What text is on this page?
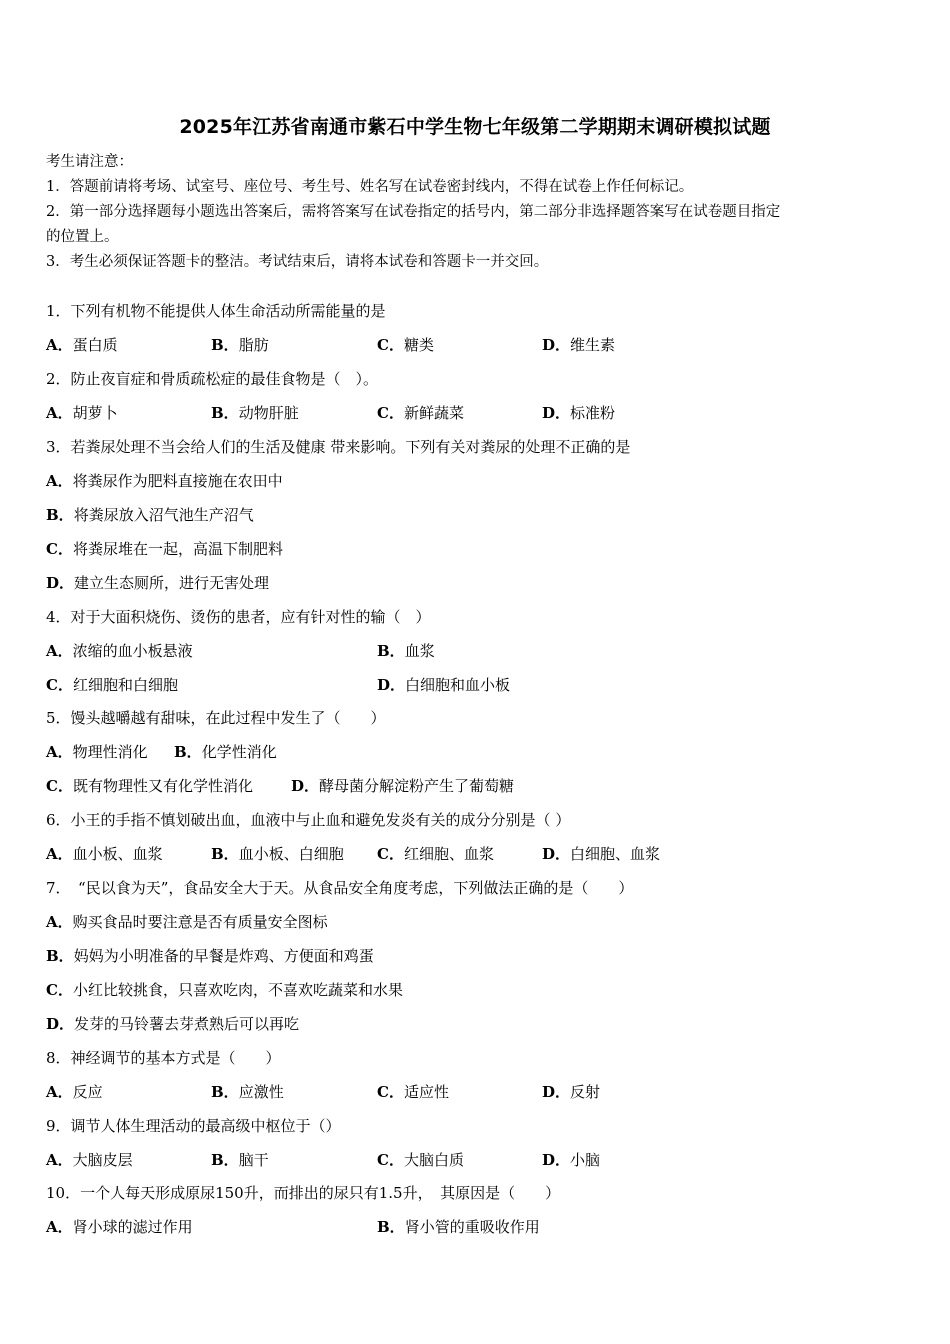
2025年江苏省南通市紫石中学生物七年级第二学期期末调研模拟试题
考生请注意：
1．答题前请将考场、试室号、座位号、考生号、姓名写在试卷密封线内，不得在试卷上作任何标记。
2．第一部分选择题每小题选出答案后，需将答案写在试卷指定的括号内，第二部分非选择题答案写在试卷题目指定
的位置上。
3．考生必须保证答题卡的整洁。考试结束后，请将本试卷和答题卡一并交回。
1．下列有机物不能提供人体生命活动所需能量的是
A．蛋白质	B．脂肪	C．糖类	D．维生素
2．防止夜盲症和骨质疏松症的最佳食物是（　）。
A．胡萝卜	B．动物肝脏	C．新鲜蔬菜	D．标准粉
3．若粪尿处理不当会给人们的生活及健康 带来影响。下列有关对粪尿的处理不正确的是
A．将粪尿作为肥料直接施在农田中
B．将粪尿放入沼气池生产沼气
C．将粪尿堆在一起，高温下制肥料
D．建立生态厕所，进行无害处理
4．对于大面积烧伤、烫伤的患者，应有针对性的输（　）
A．浓缩的血小板悬液	B．血浆
C．红细胞和白细胞	D．白细胞和血小板
5．馒头越嚼越有甜味，在此过程中发生了（　　）
A．物理性消化 B．化学性消化
C．既有物理性又有化学性消化	D．酵母菌分解淀粉产生了葡萄糖
6．小王的手指不慎划破出血，血液中与止血和避免发炎有关的成分分别是（ ）
A．血小板、血浆	B．血小板、白细胞 C．红细胞、血浆	D．白细胞、血浆
7．　“民以食为天”，食品安全大于天。从食品安全角度考虑，下列做法正确的是（　　）
A．购买食品时要注意是否有质量安全图标
B．妈妈为小明准备的早餐是炸鸡、方便面和鸡蛋
C．小红比较挑食，只喜欢吃肉，不喜欢吃蔬菜和水果
D．发芽的马铃薯去芽煮熟后可以再吃
8．神经调节的基本方式是（　　）
A．反应	B．应激性	C．适应性	D．反射
9．调节人体生理活动的最高级中枢位于（）
A．大脑皮层	B．脑干	C．大脑白质	D．小脑
10．一个人每天形成原尿150升，而排出的尿只有1.5升，　其原因是（　　）
A．肾小球的滤过作用	B．肾小管的重吸收作用
